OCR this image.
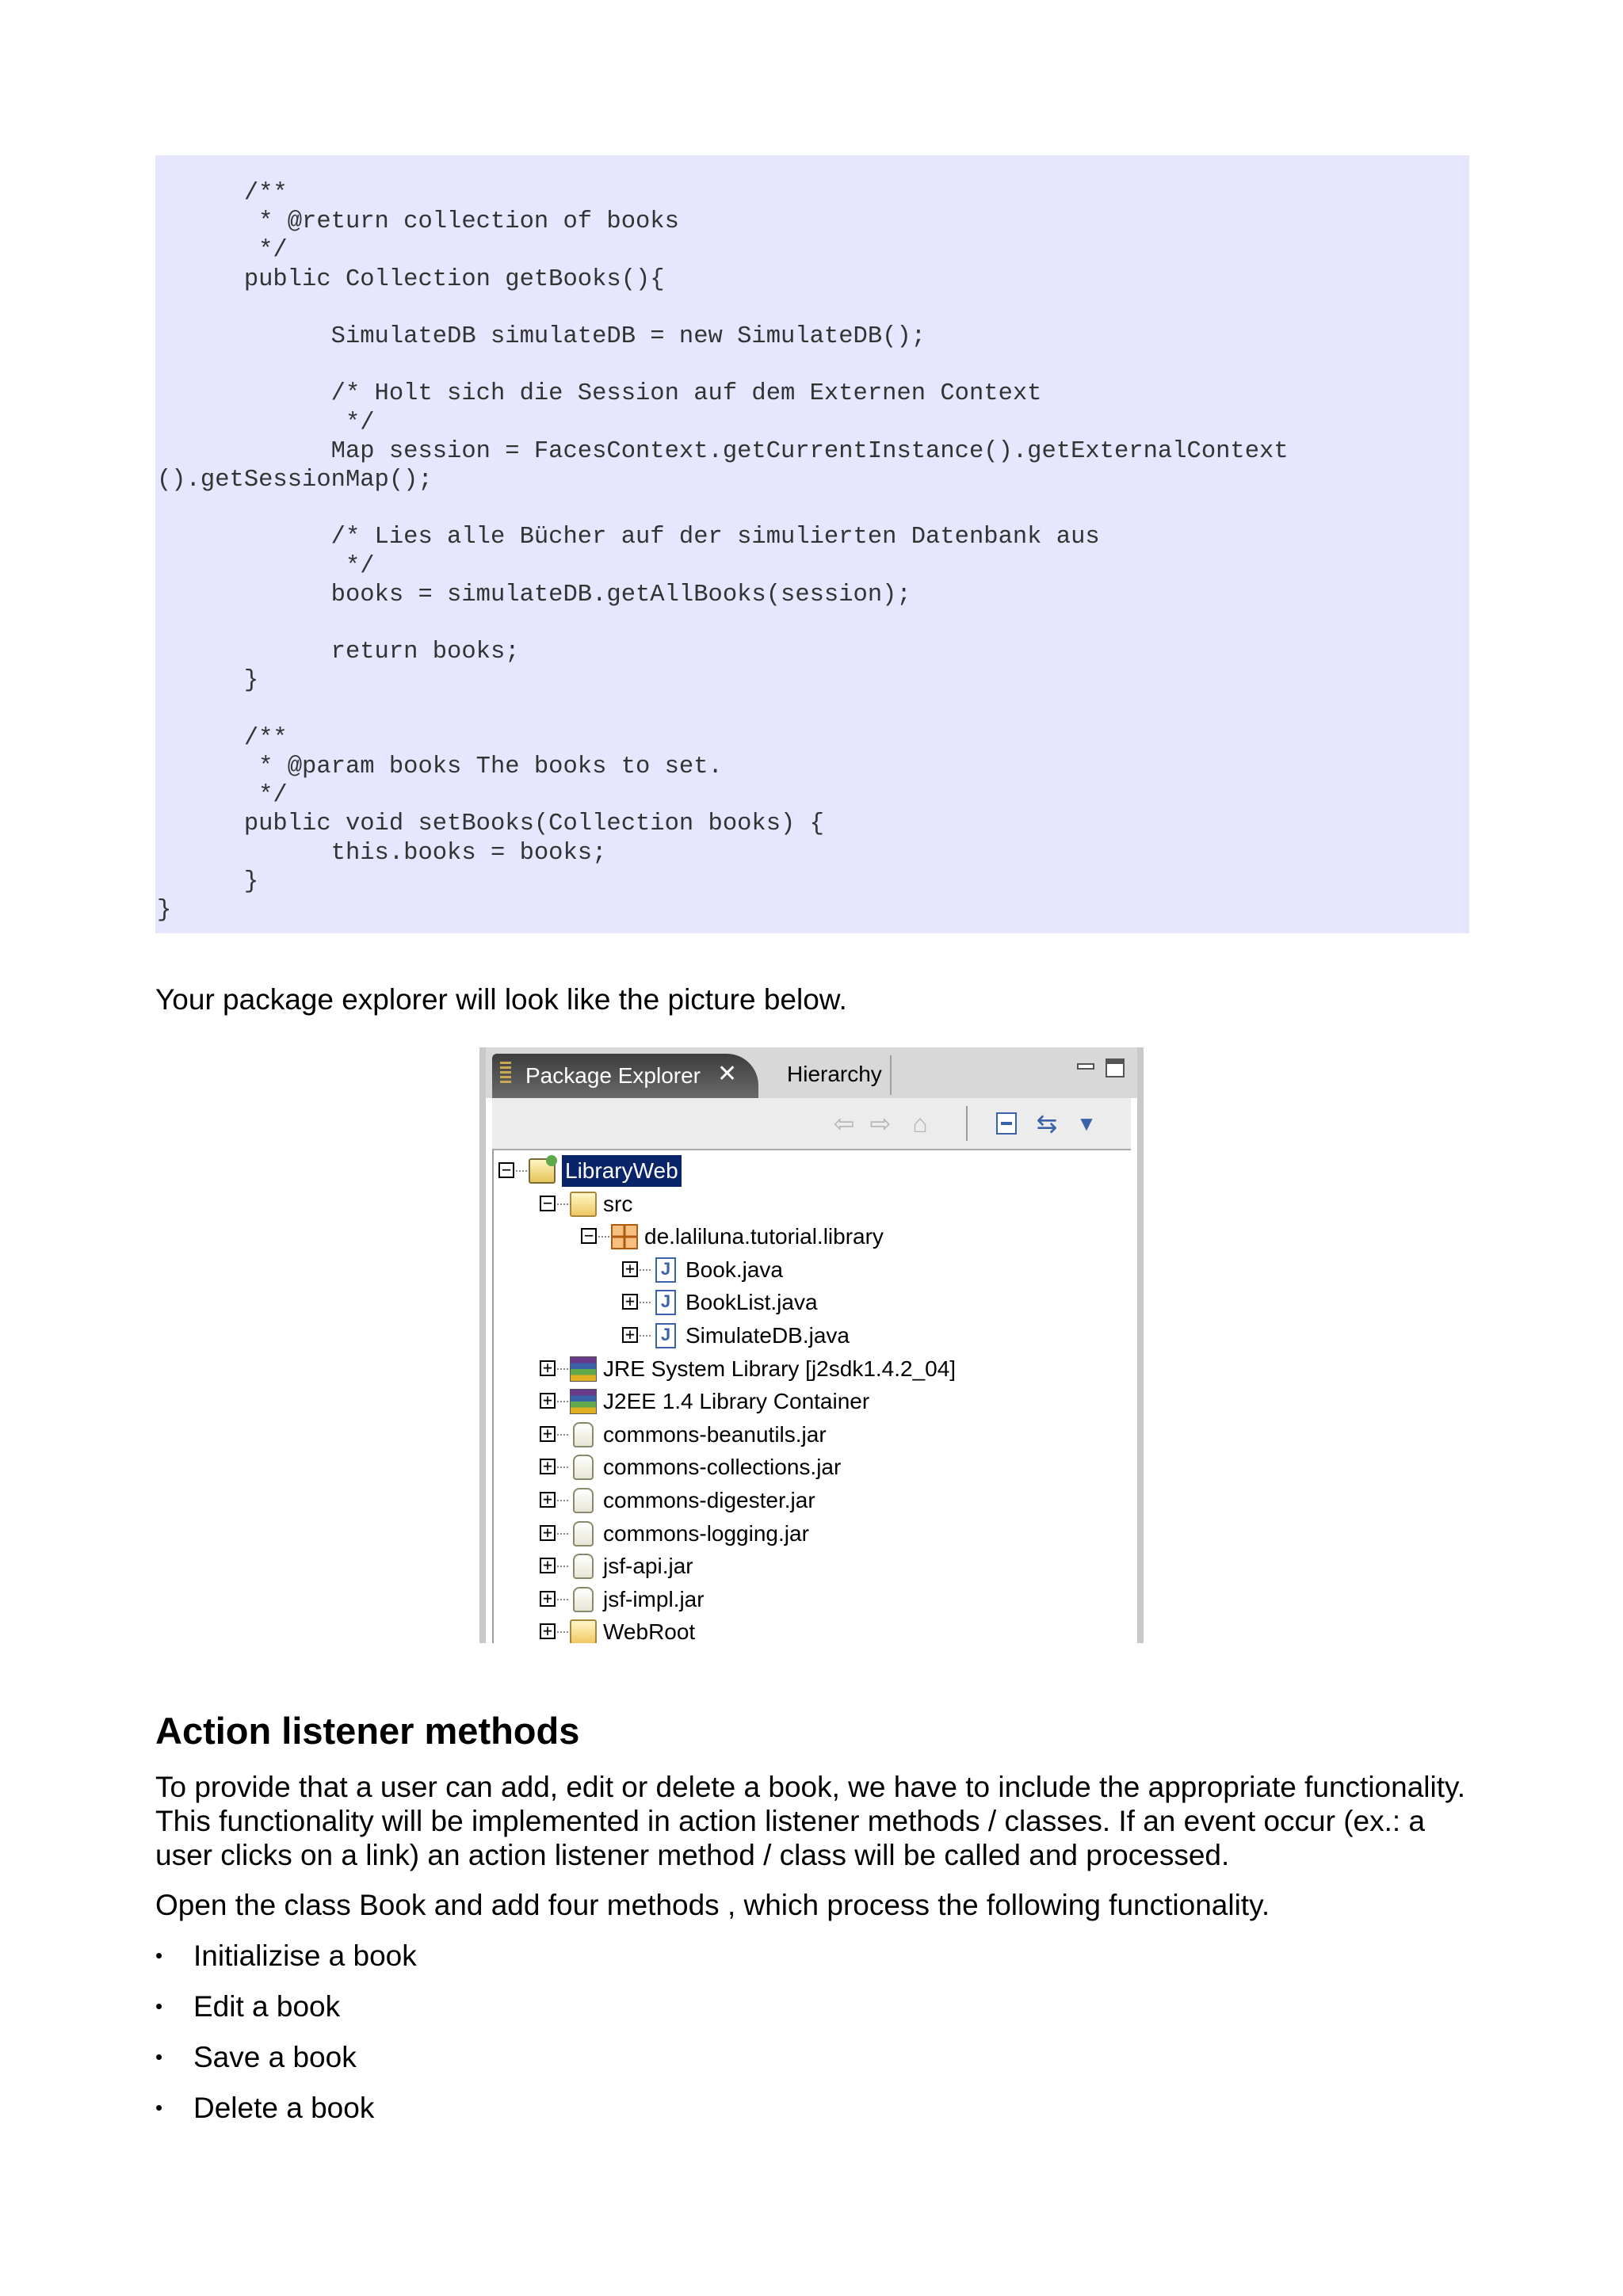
/**
* @return collection of books
*/
public Collection getBooks(){

SimulateDB simulateDB = new SimulateDB();

/* Holt sich die Session auf dem Externen Context
*/
Map session = FacesContext.getCurrentInstance().getExternalContext
().getSessionMap();

/* Lies alle Bücher auf der simulierten Datenbank aus
*/
books = simulateDB.getAllBooks(session);

return books;
}

/**
* @param books The books to set.
*/
public void setBooks(Collection books) {
this.books = books;
}
}

Your package explorer will look like the picture below.

Package Explorer ✕ Hierarchy
⇦ ⇨ ⌂	⇆ ▼
− LibraryWeb
− src
− de.laliluna.tutorial.library
+	J Book.java
+	J BookList.java
+	J SimulateDB.java
+ JRE System Library [j2sdk1.4.2_04]
+ J2EE 1.4 Library Container
+ commons-beanutils.jar
+ commons-collections.jar
+ commons-digester.jar
+ commons-logging.jar
+ jsf-api.jar
+ jsf-impl.jar
+ WebRoot
Action listener methods

To provide that a user can add, edit or delete a book, we have to include the appropriate functionality. This functionality will be implemented in action listener methods / classes. If an event occur (ex.: a user clicks on a link) an action listener method / class will be called and processed.

Open the class Book and add four methods , which process the following functionality.

• Initializise a book
• Edit a book
• Save a book
• Delete a book
